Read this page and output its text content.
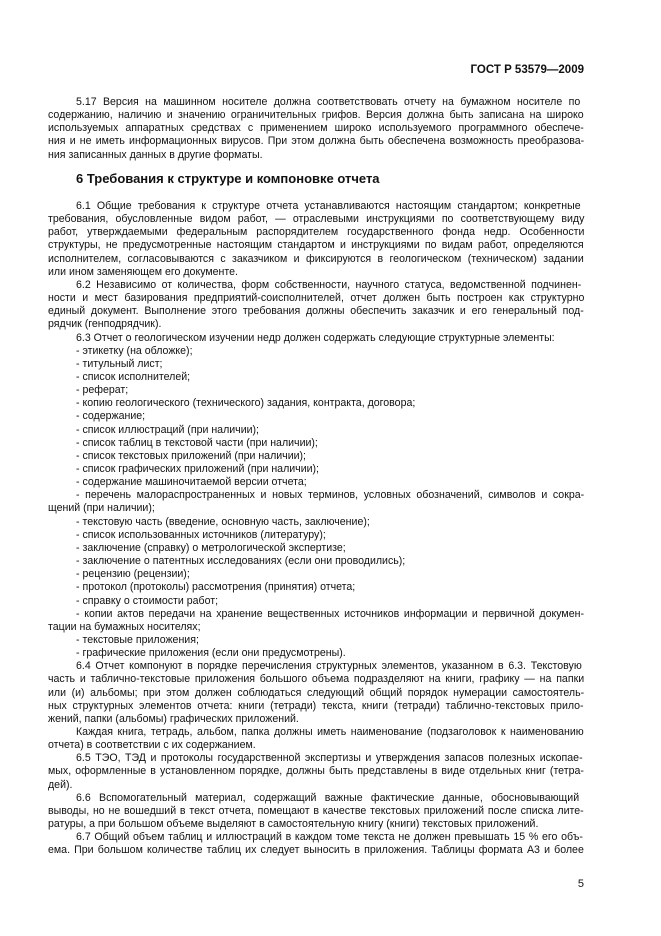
ГОСТ Р 53579—2009
5.17 Версия на машинном носителе должна соответствовать отчету на бумажном носителе по
содержанию, наличию и значению ограничительных грифов. Версия должна быть записана на широко
используемых аппаратных средствах с применением широко используемого программного обеспече-
ния и не иметь информационных вирусов. При этом должна быть обеспечена возможность преобразова-
ния записанных данных в другие форматы.
6 Требования к структуре и компоновке отчета
6.1 Общие требования к структуре отчета устанавливаются настоящим стандартом; конкретные
требования, обусловленные видом работ, — отраслевыми инструкциями по соответствующему виду
работ, утверждаемыми федеральным распорядителем государственного фонда недр. Особенности
структуры, не предусмотренные настоящим стандартом и инструкциями по видам работ, определяются
исполнителем, согласовываются с заказчиком и фиксируются в геологическом (техническом) задании
или ином заменяющем его документе.
6.2 Независимо от количества, форм собственности, научного статуса, ведомственной подчинен-
ности и мест базирования предприятий-соисполнителей, отчет должен быть построен как структурно
единый документ. Выполнение этого требования должны обеспечить заказчик и его генеральный под-
рядчик (генподрядчик).
6.3 Отчет о геологическом изучении недр должен содержать следующие структурные элементы:
- этикетку (на обложке);
- титульный лист;
- список исполнителей;
- реферат;
- копию геологического (технического) задания, контракта, договора;
- содержание;
- список иллюстраций (при наличии);
- список таблиц в текстовой части (при наличии);
- список текстовых приложений (при наличии);
- список графических приложений (при наличии);
- содержание машиночитаемой версии отчета;
- перечень малораспространенных и новых терминов, условных обозначений, символов и сокра-
щений (при наличии);
- текстовую часть (введение, основную часть, заключение);
- список использованных источников (литературу);
- заключение (справку) о метрологической экспертизе;
- заключение о патентных исследованиях (если они проводились);
- рецензию (рецензии);
- протокол (протоколы) рассмотрения (принятия) отчета;
- справку о стоимости работ;
- копии актов передачи на хранение вещественных источников информации и первичной докумен-
тации на бумажных носителях;
- текстовые приложения;
- графические приложения (если они предусмотрены).
6.4 Отчет компонуют в порядке перечисления структурных элементов, указанном в 6.3. Текстовую
часть и таблично-текстовые приложения большого объема подразделяют на книги, графику — на папки
или (и) альбомы; при этом должен соблюдаться следующий общий порядок нумерации самостоятель-
ных структурных элементов отчета: книги (тетради) текста, книги (тетради) таблично-текстовых прило-
жений, папки (альбомы) графических приложений.
Каждая книга, тетрадь, альбом, папка должны иметь наименование (подзаголовок к наименованию
отчета) в соответствии с их содержанием.
6.5 ТЭО, ТЭД и протоколы государственной экспертизы и утверждения запасов полезных ископае-
мых, оформленные в установленном порядке, должны быть представлены в виде отдельных книг (тетра-
дей).
6.6 Вспомогательный материал, содержащий важные фактические данные, обосновывающий
выводы, но не вошедший в текст отчета, помещают в качестве текстовых приложений после списка лите-
ратуры, а при большом объеме выделяют в самостоятельную книгу (книги) текстовых приложений.
6.7 Общий объем таблиц и иллюстраций в каждом томе текста не должен превышать 15 % его объ-
ема. При большом количестве таблиц их следует выносить в приложения. Таблицы формата А3 и более
5
